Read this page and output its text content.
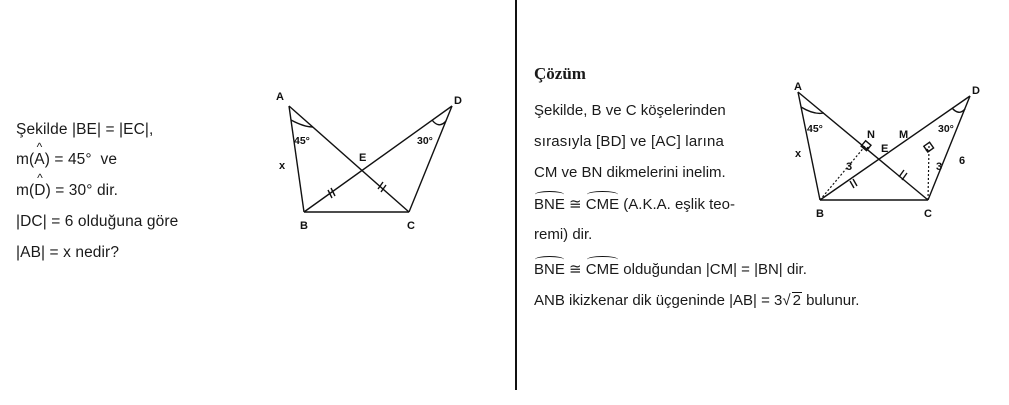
Şekilde |BE| = |EC|,
m(^ A) = 45°  ve
m(^ D) = 30° dir.
|DC| = 6 olduğuna göre
|AB| = x nedir?
A	D
B	C
E
45°	30°
x
Çözüm
Şekilde, B ve C köşelerinden
sırasıyla [BD] ve [AC] larına
CM ve BN dikmelerini inelim.
BNE ≅ CME (A.K.A. eşlik teo-
remi) dir.
BNE ≅ CME olduğundan |CM| = |BN| dir.
ANB ikizkenar dik üçgeninde |AB| = 3√ 2 bulunur.
A	D
B	C
E
N M
45°	30°
x
3	3 6
